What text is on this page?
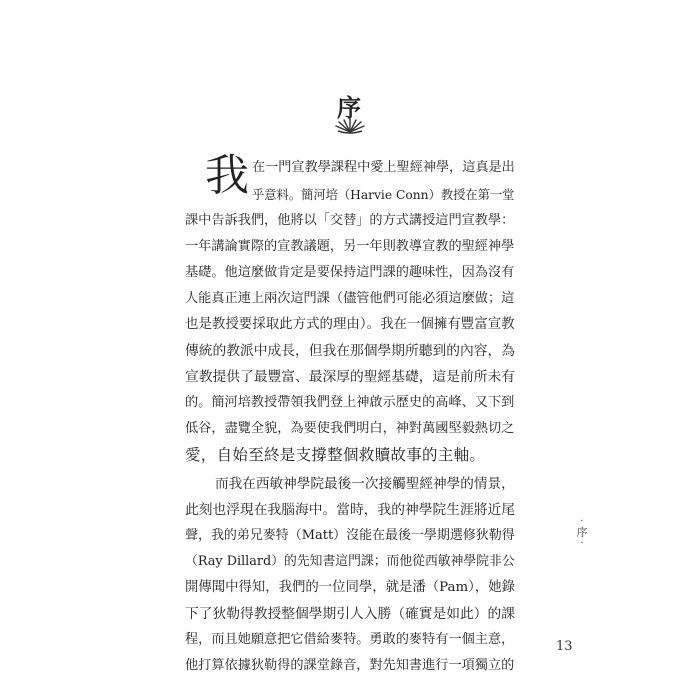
序
我 在一門宣教學課程中愛上聖經神學，這真是出
乎意料。簡河培（Harvie Conn）教授在第一堂
課中告訴我們，他將以「交替」的方式講授這門宣教學：
一年講論實際的宣教議題，另一年則教導宣教的聖經神學
基礎。他這麼做肯定是要保持這門課的趣味性，因為沒有
人能真正連上兩次這門課（儘管他們可能必須這麼做；這
也是教授要採取此方式的理由）。我在一個擁有豐富宣教
傳統的教派中成長，但我在那個學期所聽到的內容，為
宣教提供了最豐富、最深厚的聖經基礎，這是前所未有
的。簡河培教授帶領我們登上神啟示歷史的高峰、又下到
低谷，盡覽全貌，為要使我們明白，神對萬國堅毅熱切之
愛，自始至終是支撐整個救贖故事的主軸。
而我在西敏神學院最後一次接觸聖經神學的情景，
此刻也浮現在我腦海中。當時，我的神學院生涯將近尾
聲，我的弟兄麥特（Matt）沒能在最後一學期選修狄勒得
（Ray Dillard）的先知書這門課；而他從西敏神學院非公
開傳聞中得知，我們的一位同學，就是潘（Pam），她錄
下了狄勒得教授整個學期引人入勝（確實是如此）的課
程，而且她願意把它借給麥特。勇敢的麥特有一個主意，
他打算依據狄勒得的課堂錄音，對先知書進行一項獨立的
·
序
·
13
